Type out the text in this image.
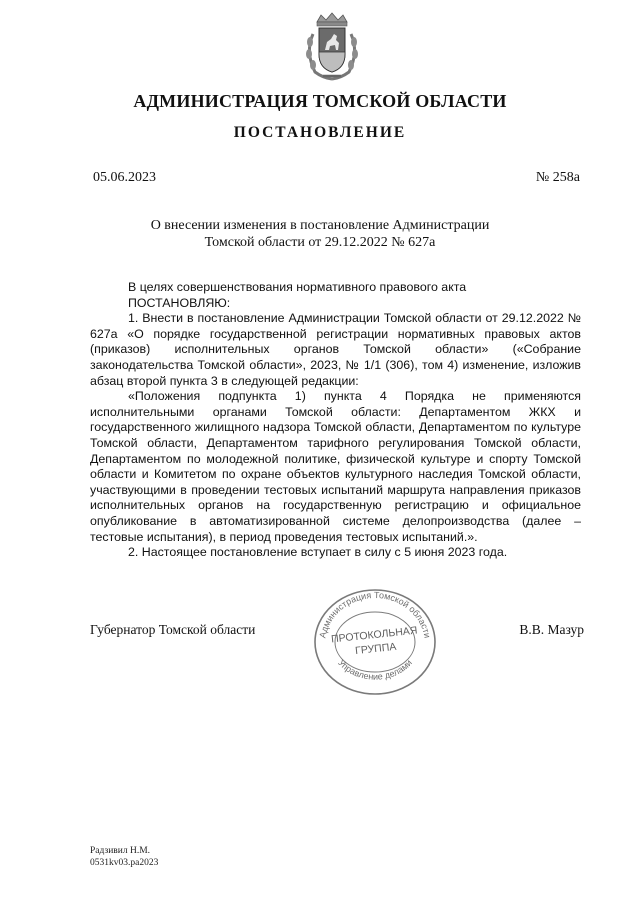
АДМИНИСТРАЦИЯ ТОМСКОЙ ОБЛАСТИ
ПОСТАНОВЛЕНИЕ
05.06.2023	№ 258а
О внесении изменения в постановление Администрации
Томской области от 29.12.2022 № 627а

В целях совершенствования нормативного правового акта

ПОСТАНОВЛЯЮ:

1. Внести в постановление Администрации Томской области от 29.12.2022 № 627а «О порядке государственной регистрации нормативных правовых актов (приказов) исполнительных органов Томской области» («Собрание законодательства Томской области», 2023, № 1/1 (306), том 4) изменение, изложив абзац второй пункта 3 в следующей редакции:

«Положения подпункта 1) пункта 4 Порядка не применяются исполнительными органами Томской области: Департаментом ЖКХ и государственного жилищного надзора Томской области, Департаментом по культуре Томской области, Департаментом тарифного регулирования Томской области, Департаментом по молодежной политике, физической культуре и спорту Томской области и Комитетом по охране объектов культурного наследия Томской области, участвующими в проведении тестовых испытаний маршрута направления приказов исполнительных органов на государственную регистрацию и официальное опубликование в автоматизированной системе делопроизводства (далее – тестовые испытания), в период проведения тестовых испытаний.».

2. Настоящее постановление вступает в силу с 5 июня 2023 года.

Администрация Томской области
Управление делами
ПРОТОКОЛЬНАЯ
ГРУППА
Губернатор Томской области	В.В. Мазур
Радзивил Н.М.
0531kv03.ра2023
